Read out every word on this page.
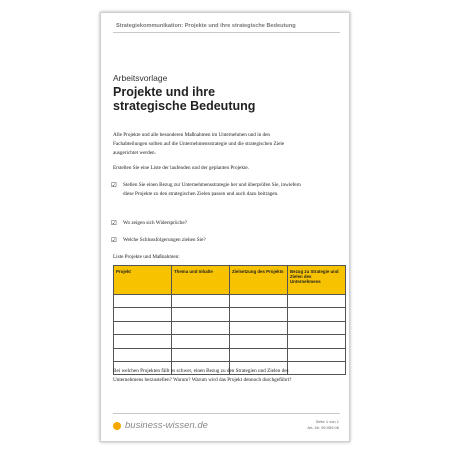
Strategiekommunikation: Projekte und ihre strategische Bedeutung
Arbeitsvorlage
Projekte und ihre
strategische Bedeutung
Alle Projekte und alle besonderen Maßnahmen im Unternehmen und in den Fachabteilungen sollten auf die Unternehmensstrategie und die strategischen Ziele ausgerichtet werden.
Erstellen Sie eine Liste der laufenden und der geplanten Projekte.
☑ Stellen Sie einen Bezug zur Unternehmensstrategie her und überprüfen Sie, inwiefern diese Projekte zu den strategischen Zielen passen und auch dazu beitragen.
☑ Wo zeigen sich Widersprüche?
☑ Welche Schlussfolgerungen ziehen Sie?
Liste Projekte und Maßnahmen:
Projekt	Thema und Inhalte	Zielsetzung des Projekts	Bezug zu Strategie und Zielen des Unternehmens

Bei welchen Projekten fällt es schwer, einen Bezug zu den Strategien und Zielen des Unternehmens herzustellen? Warum? Warum wird das Projekt dennoch durchgeführt?
business-wissen.de	Seite 1 von 1
Art.-Nr. 99.059.06
